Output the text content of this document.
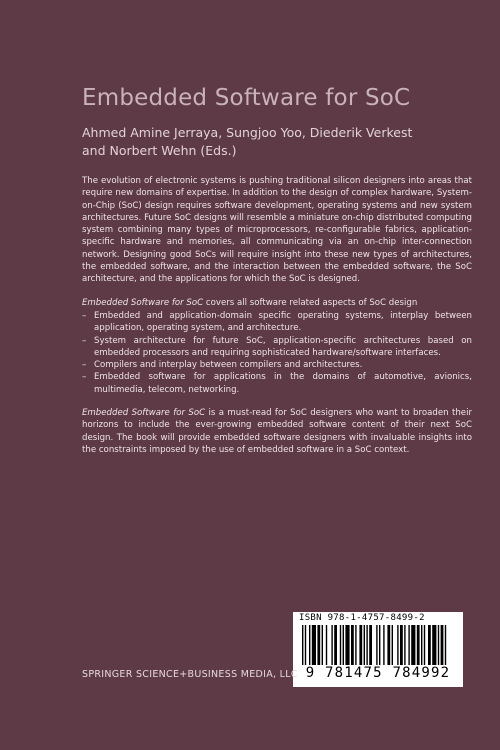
Embedded Software for SoC
Ahmed Amine Jerraya, Sungjoo Yoo, Diederik Verkest
and Norbert Wehn (Eds.)

The evolution of electronic systems is pushing traditional silicon designers into areas that require new domains of expertise. In addition to the design of complex hardware, System-on-Chip (SoC) design requires software development, operating systems and new system architectures. Future SoC designs will resemble a miniature on-chip distributed computing system combining many types of microprocessors, re-configurable fabrics, application-specific hardware and memories, all communicating via an on-chip inter-connection network. Designing good SoCs will require insight into these new types of architectures, the embedded software, and the interaction between the embedded software, the SoC architecture, and the applications for which the SoC is designed.

Embedded Software for SoC covers all software related aspects of SoC design

– Embedded and application-domain specific operating systems, interplay between application, operating system, and architecture.
– System architecture for future SoC, application-specific architectures based on embedded processors and requiring sophisticated hardware/software interfaces.
– Compilers and interplay between compilers and architectures.
– Embedded software for applications in the domains of automotive, avionics, multimedia, telecom, networking.

Embedded Software for SoC is a must-read for SoC designers who want to broaden their horizons to include the ever-growing embedded software content of their next SoC design. The book will provide embedded software designers with invaluable insights into the constraints imposed by the use of embedded software in a SoC context.

ISBN 978-1-4757-8499-2
9 781475 784992
SPRINGER SCIENCE+BUSINESS MEDIA, LLC
